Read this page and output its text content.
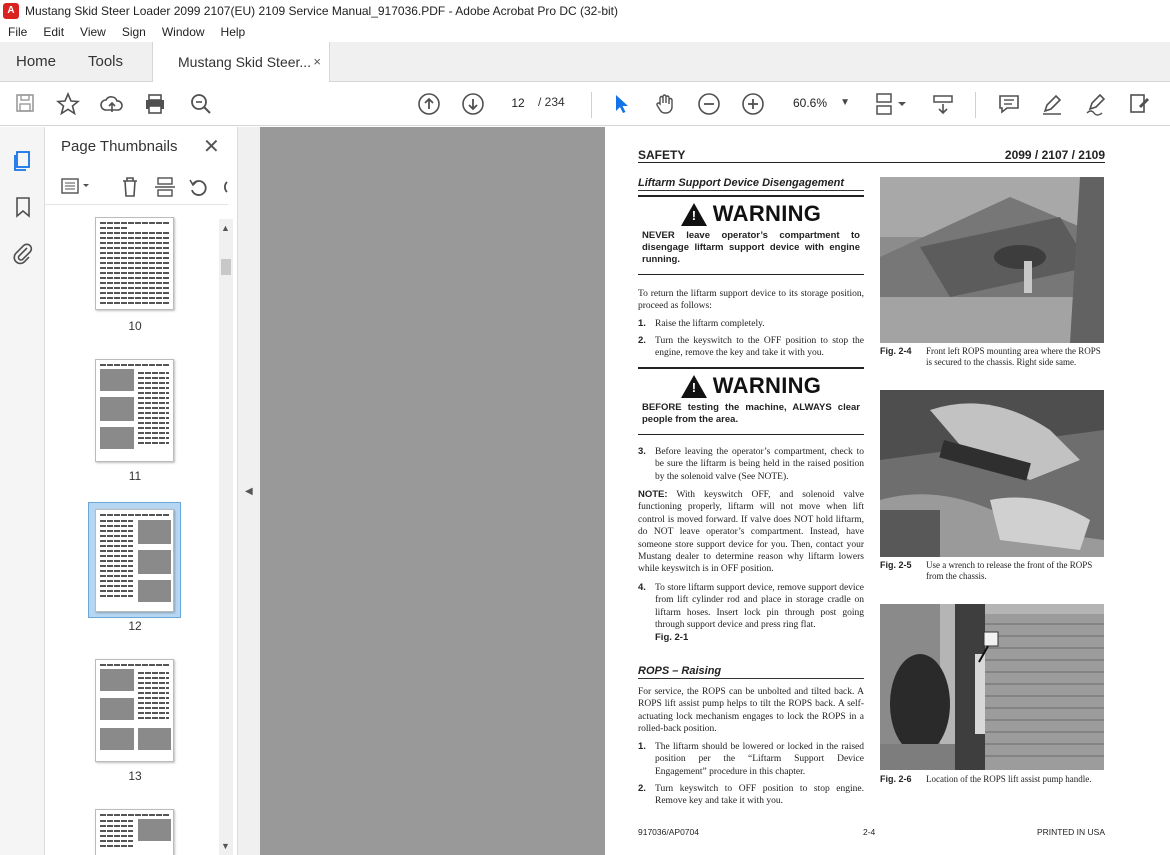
A Mustang Skid Steer Loader 2099 2107(EU) 2109 Service Manual_917036.PDF - Adobe Acrobat Pro DC (32-bit)
File	Edit	View	Sign	Window	Help
Home Tools	Mustang Skid Steer... ×
12	/ 234	60.6% ▼
Page Thumbnails ✕
10
11
12
13
▲
▼
◀
SAFETY	2099 / 2107 / 2109
Liftarm Support Device Disengagement
! WARNING
NEVER leave operator’s compartment to disengage liftarm support device with engine running.
To return the liftarm support device to its storage position, proceed as follows:
1. Raise the liftarm completely.
2. Turn the keyswitch to the OFF position to stop the engine, remove the key and take it with you.
! WARNING
BEFORE testing the machine, ALWAYS clear people from the area.
3. Before leaving the operator’s compartment, check to be sure the liftarm is being held in the raised position by the solenoid valve (See NOTE).
NOTE: With keyswitch OFF, and solenoid valve functioning properly, liftarm will not move when lift control is moved forward. If valve does NOT hold liftarm, do NOT leave operator’s compartment. Instead, have someone store support device for you. Then, contact your Mustang dealer to determine reason why liftarm lowers while keyswitch is in OFF position.
4. To store liftarm support device, remove support device from lift cylinder rod and place in storage cradle on liftarm hoses. Insert lock pin through post going through support device and press ring flat.
Fig. 2-1
ROPS – Raising
For service, the ROPS can be unbolted and tilted back. A ROPS lift assist pump helps to tilt the ROPS back. A self-actuating lock mechanism engages to lock the ROPS in a rolled-back position.
1. The liftarm should be lowered or locked in the raised position per the “Liftarm Support Device Engagement” procedure in this chapter.
2. Turn keyswitch to OFF position to stop engine. Remove key and take it with you.
Fig. 2-4 Front left ROPS mounting area where the ROPS is secured to the chassis. Right side same.
Fig. 2-5 Use a wrench to release the front of the ROPS from the chassis.
Fig. 2-6 Location of the ROPS lift assist pump handle.
917036/AP0704	2-4	PRINTED IN USA
